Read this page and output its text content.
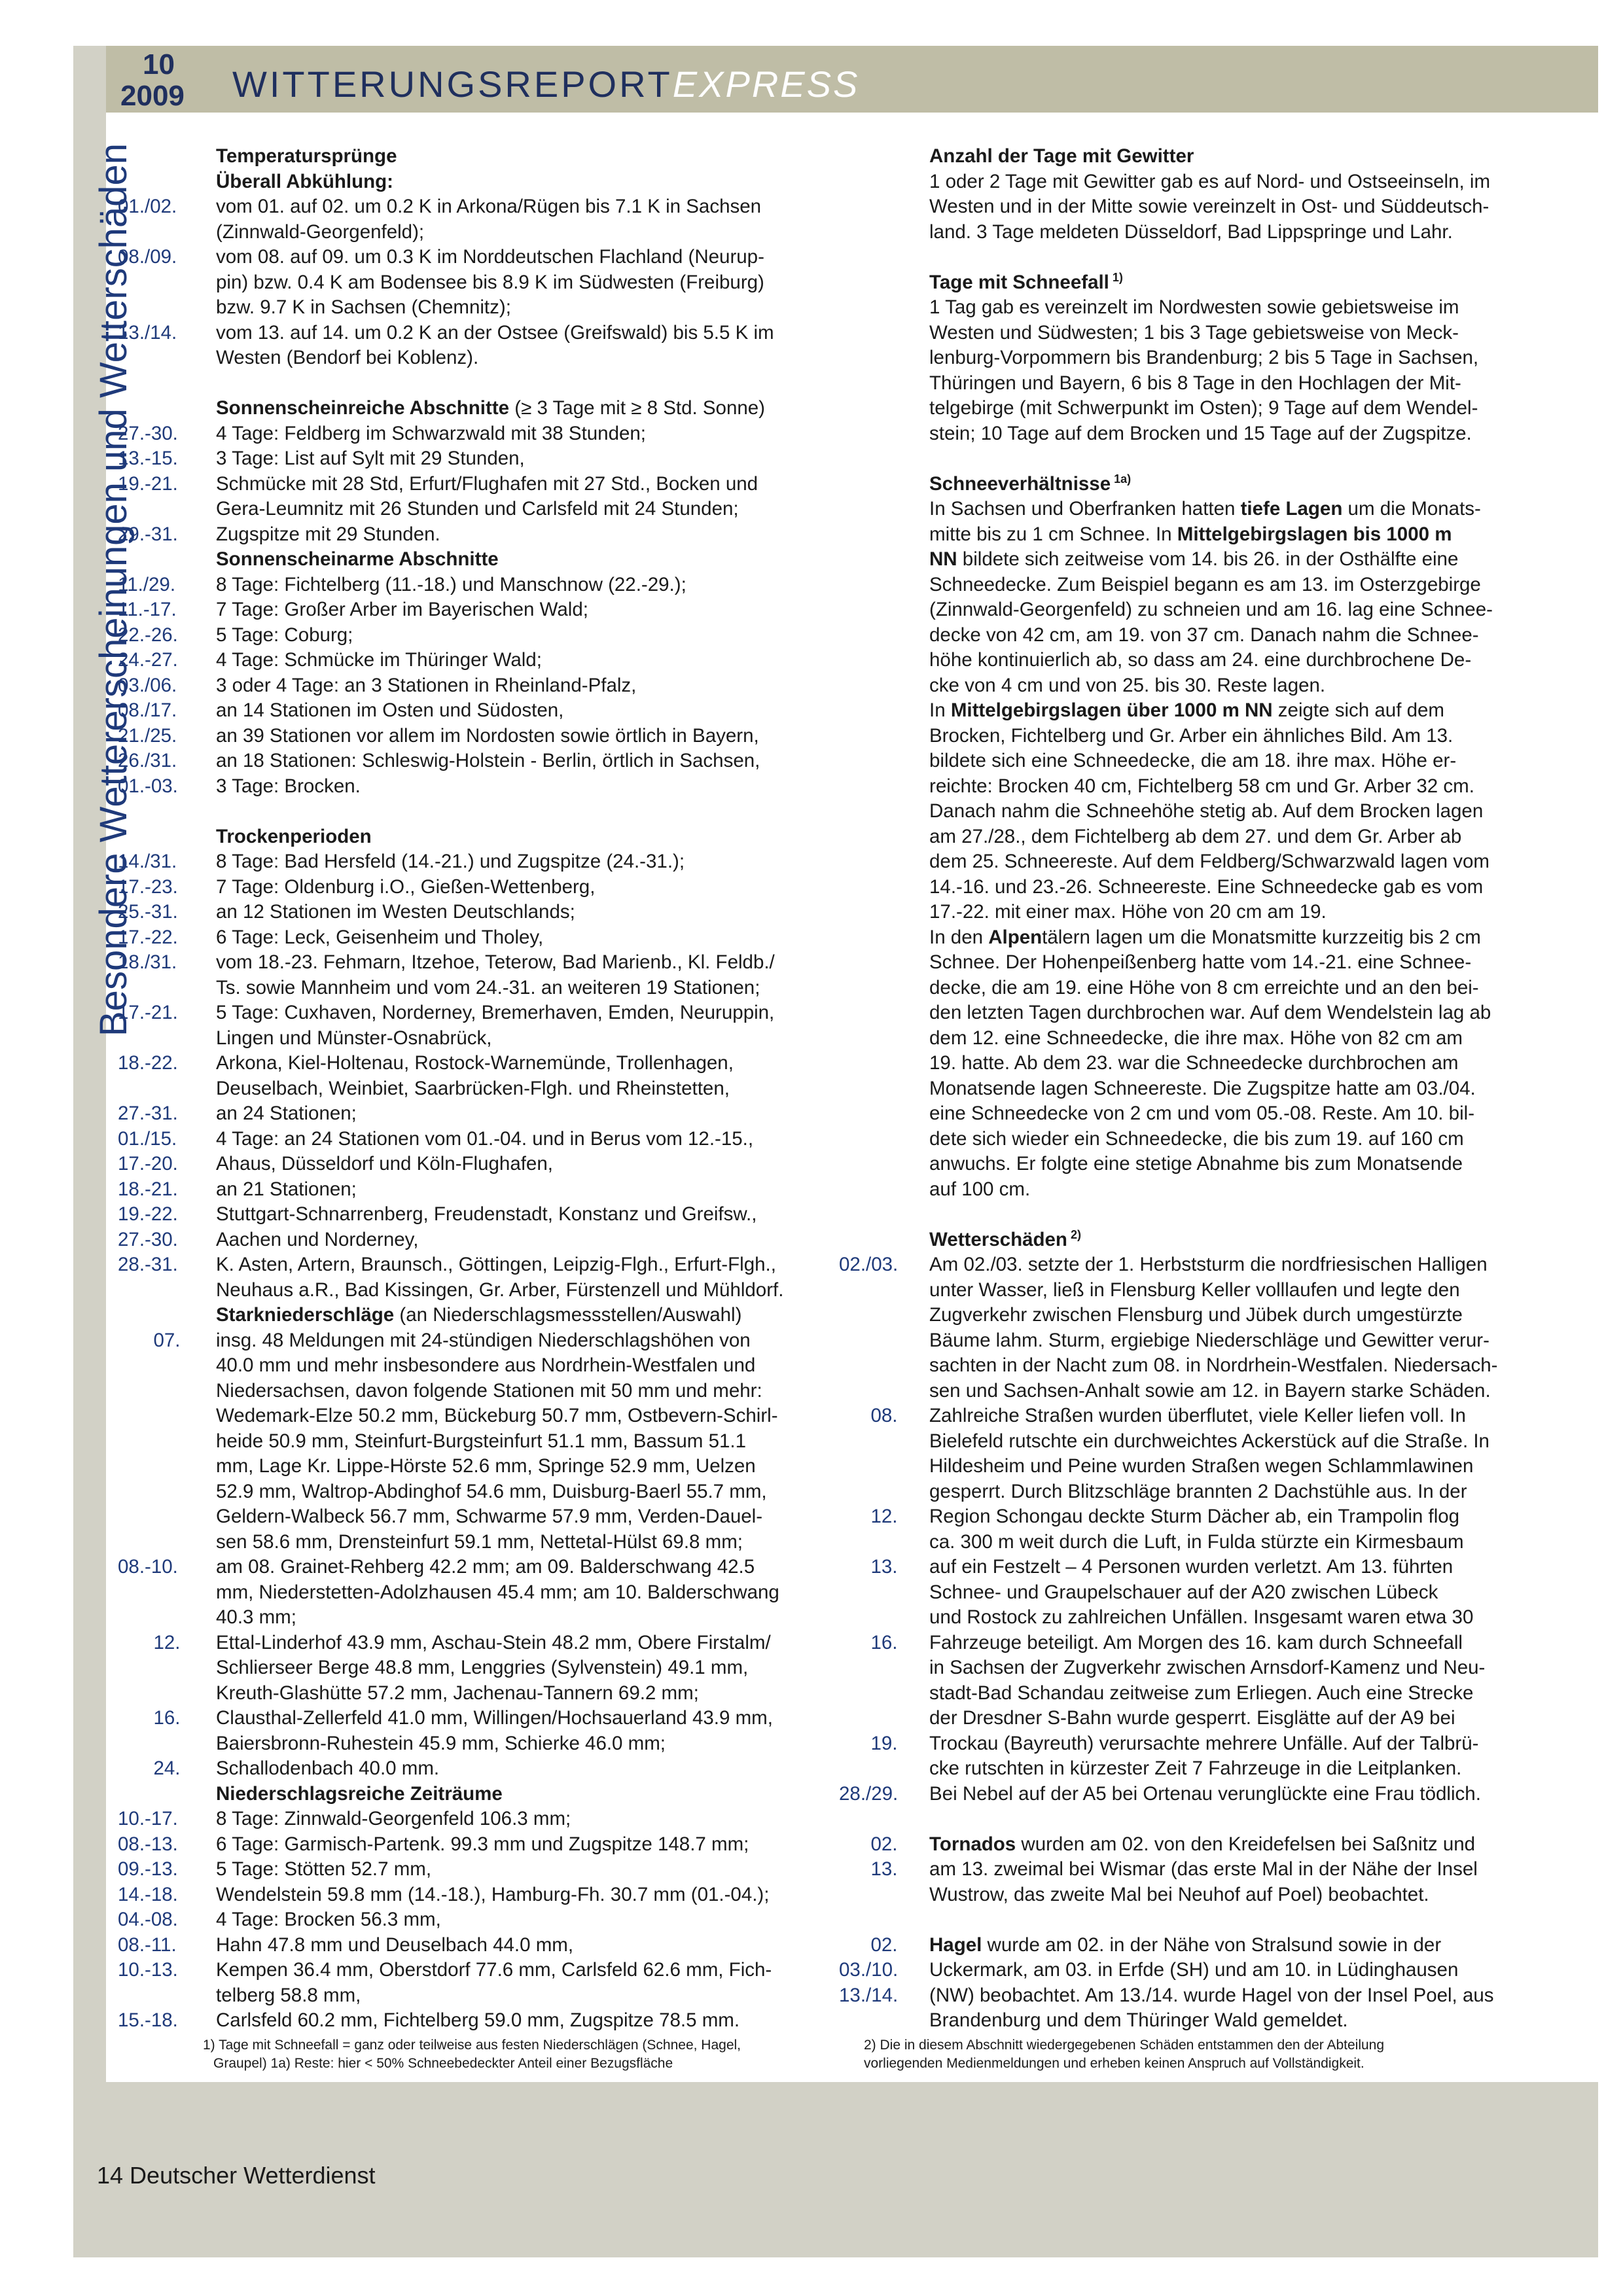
10
2009 WITTERUNGSREPORTEXPRESS
Besondere Wettererscheinungen und Wetterschäden	Temperatursprünge
Überall Abkühlung:
01./02.	vom 01. auf 02. um 0.2 K in Arkona/Rügen bis 7.1 K in Sachsen
(Zinnwald-Georgenfeld);
08./09.	vom 08. auf 09. um 0.3 K im Norddeutschen Flachland (Neurup-
pin) bzw. 0.4 K am Bodensee bis 8.9 K im Südwesten (Freiburg)
bzw. 9.7 K in Sachsen (Chemnitz);
13./14.	vom 13. auf 14. um 0.2 K an der Ostsee (Greifswald) bis 5.5 K im
Westen (Bendorf bei Koblenz).
Sonnenscheinreiche Abschnitte (≥ 3 Tage mit ≥ 8 Std. Sonne)
27.-30.	4 Tage: Feldberg im Schwarzwald mit 38 Stunden;
13.-15.	3 Tage: List auf Sylt mit 29 Stunden,
19.-21.	Schmücke mit 28 Std, Erfurt/Flughafen mit 27 Std., Bocken und
Gera-Leumnitz mit 26 Stunden und Carlsfeld mit 24 Stunden;
29.-31.	Zugspitze mit 29 Stunden.
Sonnenscheinarme Abschnitte
11./29.	8 Tage: Fichtelberg (11.-18.) und Manschnow (22.-29.);
11.-17.	7 Tage: Großer Arber im Bayerischen Wald;
22.-26.	5 Tage: Coburg;
24.-27.	4 Tage: Schmücke im Thüringer Wald;
03./06.	3 oder 4 Tage: an 3 Stationen in Rheinland-Pfalz,
08./17.	an 14 Stationen im Osten und Südosten,
21./25.	an 39 Stationen vor allem im Nordosten sowie örtlich in Bayern,
26./31.	an 18 Stationen: Schleswig-Holstein - Berlin, örtlich in Sachsen,
01.-03.	3 Tage: Brocken.
Trockenperioden
14./31.	8 Tage: Bad Hersfeld (14.-21.) und Zugspitze (24.-31.);
17.-23.	7 Tage: Oldenburg i.O., Gießen-Wettenberg,
25.-31.	an 12 Stationen im Westen Deutschlands;
17.-22.	6 Tage: Leck, Geisenheim und Tholey,
18./31.	vom 18.-23. Fehmarn, Itzehoe, Teterow, Bad Marienb., Kl. Feldb./
Ts. sowie Mannheim und vom 24.-31. an weiteren 19 Stationen;
17.-21.	5 Tage: Cuxhaven, Norderney, Bremerhaven, Emden, Neuruppin,
Lingen und Münster-Osnabrück,
18.-22.	Arkona, Kiel-Holtenau, Rostock-Warnemünde, Trollenhagen,
Deuselbach, Weinbiet, Saarbrücken-Flgh. und Rheinstetten,
27.-31.	an 24 Stationen;
01./15.	4 Tage: an 24 Stationen vom 01.-04. und in Berus vom 12.-15.,
17.-20.	Ahaus, Düsseldorf und Köln-Flughafen,
18.-21.	an 21 Stationen;
19.-22.	Stuttgart-Schnarrenberg, Freudenstadt, Konstanz und Greifsw.,
27.-30.	Aachen und Norderney,
28.-31.	K. Asten, Artern, Braunsch., Göttingen, Leipzig-Flgh., Erfurt-Flgh.,
Neuhaus a.R., Bad Kissingen, Gr. Arber, Fürstenzell und Mühldorf.
Starkniederschläge (an Niederschlagsmessstellen/Auswahl)
07.	insg. 48 Meldungen mit 24-stündigen Niederschlagshöhen von
40.0 mm und mehr insbesondere aus Nordrhein-Westfalen und
Niedersachsen, davon folgende Stationen mit 50 mm und mehr:
Wedemark-Elze 50.2 mm, Bückeburg 50.7 mm, Ostbevern-Schirl-
heide 50.9 mm, Steinfurt-Burgsteinfurt 51.1 mm, Bassum 51.1
mm, Lage Kr. Lippe-Hörste 52.6 mm, Springe 52.9 mm, Uelzen
52.9 mm, Waltrop-Abdinghof 54.6 mm, Duisburg-Baerl 55.7 mm,
Geldern-Walbeck 56.7 mm, Schwarme 57.9 mm, Verden-Dauel-
sen 58.6 mm, Drensteinfurt 59.1 mm, Nettetal-Hülst 69.8 mm;
08.-10.	am 08. Grainet-Rehberg 42.2 mm; am 09. Balderschwang 42.5
mm, Niederstetten-Adolzhausen 45.4 mm; am 10. Balderschwang
40.3 mm;
12.	Ettal-Linderhof 43.9 mm, Aschau-Stein 48.2 mm, Obere Firstalm/
Schlierseer Berge 48.8 mm, Lenggries (Sylvenstein) 49.1 mm,
Kreuth-Glashütte 57.2 mm, Jachenau-Tannern 69.2 mm;
16.	Clausthal-Zellerfeld 41.0 mm, Willingen/Hochsauerland 43.9 mm,
Baiersbronn-Ruhestein 45.9 mm, Schierke 46.0 mm;
24.	Schallodenbach 40.0 mm.
Niederschlagsreiche Zeiträume
10.-17.	8 Tage: Zinnwald-Georgenfeld 106.3 mm;
08.-13.	6 Tage: Garmisch-Partenk. 99.3 mm und Zugspitze 148.7 mm;
09.-13.	5 Tage: Stötten 52.7 mm,
14.-18.	Wendelstein 59.8 mm (14.-18.), Hamburg-Fh. 30.7 mm (01.-04.);
04.-08.	4 Tage: Brocken 56.3 mm,
08.-11.	Hahn 47.8 mm und Deuselbach 44.0 mm,
10.-13.	Kempen 36.4 mm, Oberstdorf 77.6 mm, Carlsfeld 62.6 mm, Fich-
telberg 58.8 mm,
15.-18.	Carlsfeld 60.2 mm, Fichtelberg 59.0 mm, Zugspitze 78.5 mm.
1) Tage mit Schneefall = ganz oder teilweise aus festen Niederschlägen (Schnee, Hagel,
Graupel) 1a) Reste: hier < 50% Schneebedeckter Anteil einer Bezugsfläche
Anzahl der Tage mit Gewitter
1 oder 2 Tage mit Gewitter gab es auf Nord- und Ostseeinseln, im
Westen und in der Mitte sowie vereinzelt in Ost- und Süddeutsch-
land. 3 Tage meldeten Düsseldorf, Bad Lippspringe und Lahr.
Tage mit Schneefall $^{1)}$
1 Tag gab es vereinzelt im Nordwesten sowie gebietsweise im
Westen und Südwesten; 1 bis 3 Tage gebietsweise von Meck-
lenburg-Vorpommern bis Brandenburg; 2 bis 5 Tage in Sachsen,
Thüringen und Bayern, 6 bis 8 Tage in den Hochlagen der Mit-
telgebirge (mit Schwerpunkt im Osten); 9 Tage auf dem Wendel-
stein; 10 Tage auf dem Brocken und 15 Tage auf der Zugspitze.
Schneeverhältnisse $^{1a)}$
In Sachsen und Oberfranken hatten tiefe Lagen um die Monats-
mitte bis zu 1 cm Schnee. In Mittelgebirgslagen bis 1000 m
NN bildete sich zeitweise vom 14. bis 26. in der Osthälfte eine
Schneedecke. Zum Beispiel begann es am 13. im Osterzgebirge
(Zinnwald-Georgenfeld) zu schneien und am 16. lag eine Schnee-
decke von 42 cm, am 19. von 37 cm. Danach nahm die Schnee-
höhe kontinuierlich ab, so dass am 24. eine durchbrochene De-
cke von 4 cm und von 25. bis 30. Reste lagen.
In Mittelgebirgslagen über 1000 m NN zeigte sich auf dem
Brocken, Fichtelberg und Gr. Arber ein ähnliches Bild. Am 13.
bildete sich eine Schneedecke, die am 18. ihre max. Höhe er-
reichte: Brocken 40 cm, Fichtelberg 58 cm und Gr. Arber 32 cm.
Danach nahm die Schneehöhe stetig ab. Auf dem Brocken lagen
am 27./28., dem Fichtelberg ab dem 27. und dem Gr. Arber ab
dem 25. Schneereste. Auf dem Feldberg/Schwarzwald lagen vom
14.-16. und 23.-26. Schneereste. Eine Schneedecke gab es vom
17.-22. mit einer max. Höhe von 20 cm am 19.
In den Alpentälern lagen um die Monatsmitte kurzzeitig bis 2 cm
Schnee. Der Hohenpeißenberg hatte vom 14.-21. eine Schnee-
decke, die am 19. eine Höhe von 8 cm erreichte und an den bei-
den letzten Tagen durchbrochen war. Auf dem Wendelstein lag ab
dem 12. eine Schneedecke, die ihre max. Höhe von 82 cm am
19. hatte. Ab dem 23. war die Schneedecke durchbrochen am
Monatsende lagen Schneereste. Die Zugspitze hatte am 03./04.
eine Schneedecke von 2 cm und vom 05.-08. Reste. Am 10. bil-
dete sich wieder ein Schneedecke, die bis zum 19. auf 160 cm
anwuchs. Er folgte eine stetige Abnahme bis zum Monatsende
auf 100 cm.
Wetterschäden $^{2)}$
02./03.	Am 02./03. setzte der 1. Herbststurm die nordfriesischen Halligen
unter Wasser, ließ in Flensburg Keller volllaufen und legte den
Zugverkehr zwischen Flensburg und Jübek durch umgestürzte
Bäume lahm. Sturm, ergiebige Niederschläge und Gewitter verur-
sachten in der Nacht zum 08. in Nordrhein-Westfalen. Niedersach-
sen und Sachsen-Anhalt sowie am 12. in Bayern starke Schäden.
08.	Zahlreiche Straßen wurden überflutet, viele Keller liefen voll. In
Bielefeld rutschte ein durchweichtes Ackerstück auf die Straße. In
Hildesheim und Peine wurden Straßen wegen Schlammlawinen
gesperrt. Durch Blitzschläge brannten 2 Dachstühle aus. In der
12.	Region Schongau deckte Sturm Dächer ab, ein Trampolin flog
ca. 300 m weit durch die Luft, in Fulda stürzte ein Kirmesbaum
13.	auf ein Festzelt – 4 Personen wurden verletzt. Am 13. führten
Schnee- und Graupelschauer auf der A20 zwischen Lübeck
und Rostock zu zahlreichen Unfällen. Insgesamt waren etwa 30
16.	Fahrzeuge beteiligt. Am Morgen des 16. kam durch Schneefall
in Sachsen der Zugverkehr zwischen Arnsdorf-Kamenz und Neu-
stadt-Bad Schandau zeitweise zum Erliegen. Auch eine Strecke
der Dresdner S-Bahn wurde gesperrt. Eisglätte auf der A9 bei
19.	Trockau (Bayreuth) verursachte mehrere Unfälle. Auf der Talbrü-
cke rutschten in kürzester Zeit 7 Fahrzeuge in die Leitplanken.
28./29.	Bei Nebel auf der A5 bei Ortenau verunglückte eine Frau tödlich.
02.	Tornados wurden am 02. von den Kreidefelsen bei Saßnitz und
13.	am 13. zweimal bei Wismar (das erste Mal in der Nähe der Insel
Wustrow, das zweite Mal bei Neuhof auf Poel) beobachtet.
02.	Hagel wurde am 02. in der Nähe von Stralsund sowie in der
03./10.	Uckermark, am 03. in Erfde (SH) und am 10. in Lüdinghausen
13./14.	(NW) beobachtet. Am 13./14. wurde Hagel von der Insel Poel, aus
Brandenburg und dem Thüringer Wald gemeldet.
2) Die in diesem Abschnitt wiedergegebenen Schäden entstammen den der Abteilung
vorliegenden Medienmeldungen und erheben keinen Anspruch auf Vollständigkeit.
14 Deutscher Wetterdienst
